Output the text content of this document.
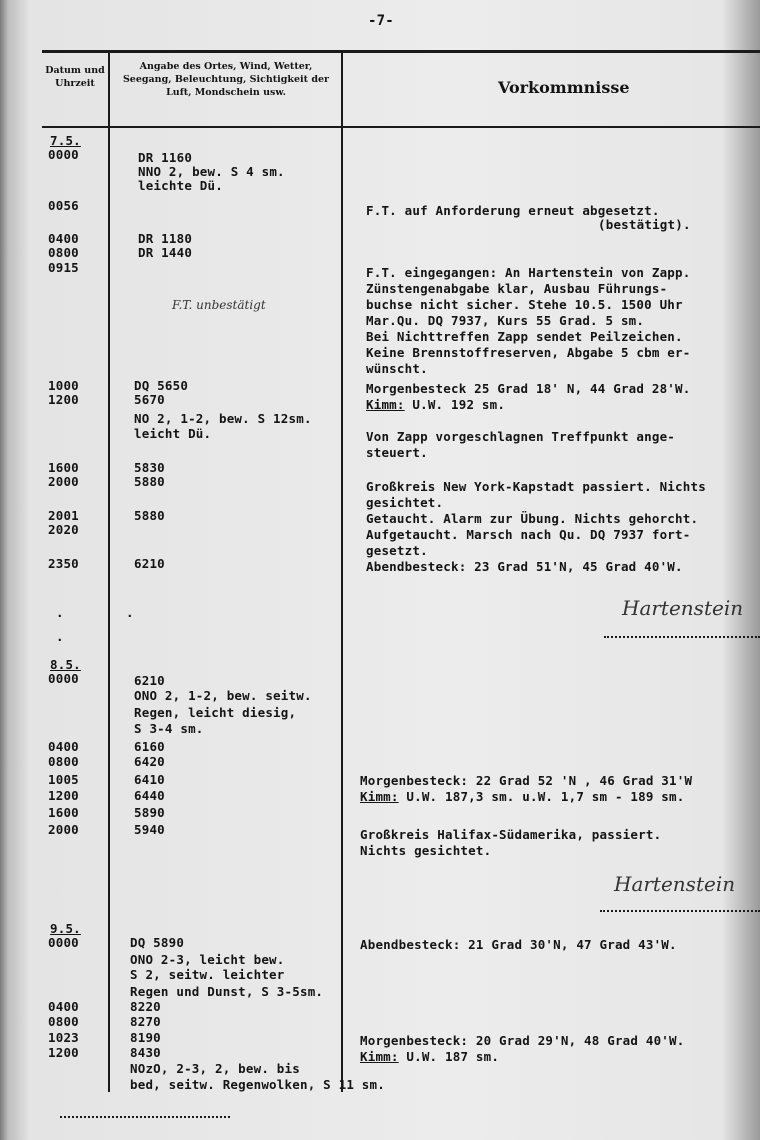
-7-
Datum und Uhrzeit
Angabe des Ortes, Wind, Wetter, Seegang, Beleuchtung, Sichtigkeit der Luft, Mondschein usw.	Vorkommnisse
7.5.
8.5.
9.5.
0000
0056
0400
0800
0915
1000
1200
1600
2000
2001
2020
2350
0000
0400
0800
1005
1200
1600
2000
0000
0400
0800
1023
1200
DR 1160
NNO 2, bew. S 4 sm.
leichte Dü.
DR 1180
DR 1440
F.T. unbestätigt
DQ 5650
5670
NO 2, 1-2, bew. S 12sm.
leicht Dü.
5830
5880
5880
6210
6210
ONO 2, 1-2, bew. seitw.
Regen, leicht diesig,
S 3-4 sm.
6160
6420
6410
6440
5890
5940
DQ 5890
ONO 2-3, leicht bew.
S 2, seitw. leichter
Regen und Dunst, S 3-5sm.
8220
8270
8190
8430
NOzO, 2-3, 2, bew. bis
bed, seitw. Regenwolken, S 11 sm.
F.T. auf Anforderung erneut abgesetzt.
(bestätigt).
F.T. eingegangen: An Hartenstein von Zapp.
Zünstengenabgabe klar, Ausbau Führungs-
buchse nicht sicher. Stehe 10.5. 1500 Uhr
Mar.Qu. DQ 7937, Kurs 55 Grad. 5 sm.
Bei Nichttreffen Zapp sendet Peilzeichen.
Keine Brennstoffreserven, Abgabe 5 cbm er-
wünscht.
Morgenbesteck 25 Grad 18' N, 44 Grad 28'W.
Kimm: U.W. 192 sm.
Von Zapp vorgeschlagnen Treffpunkt ange-
steuert.
Großkreis New York-Kapstadt passiert. Nichts
gesichtet.
Getaucht. Alarm zur Übung. Nichts gehorcht.
Aufgetaucht. Marsch nach Qu. DQ 7937 fort-
gesetzt.
Abendbesteck: 23 Grad 51'N, 45 Grad 40'W.
Hartenstein
Morgenbesteck: 22 Grad 52 'N , 46 Grad 31'W
Kimm: U.W. 187,3 sm. u.W. 1,7 sm - 189 sm.
Großkreis Halifax-Südamerika, passiert.
Nichts gesichtet.
Hartenstein
Abendbesteck: 21 Grad 30'N, 47 Grad 43'W.
Morgenbesteck: 20 Grad 29'N, 48 Grad 40'W.
Kimm: U.W. 187 sm.
.
.
.
